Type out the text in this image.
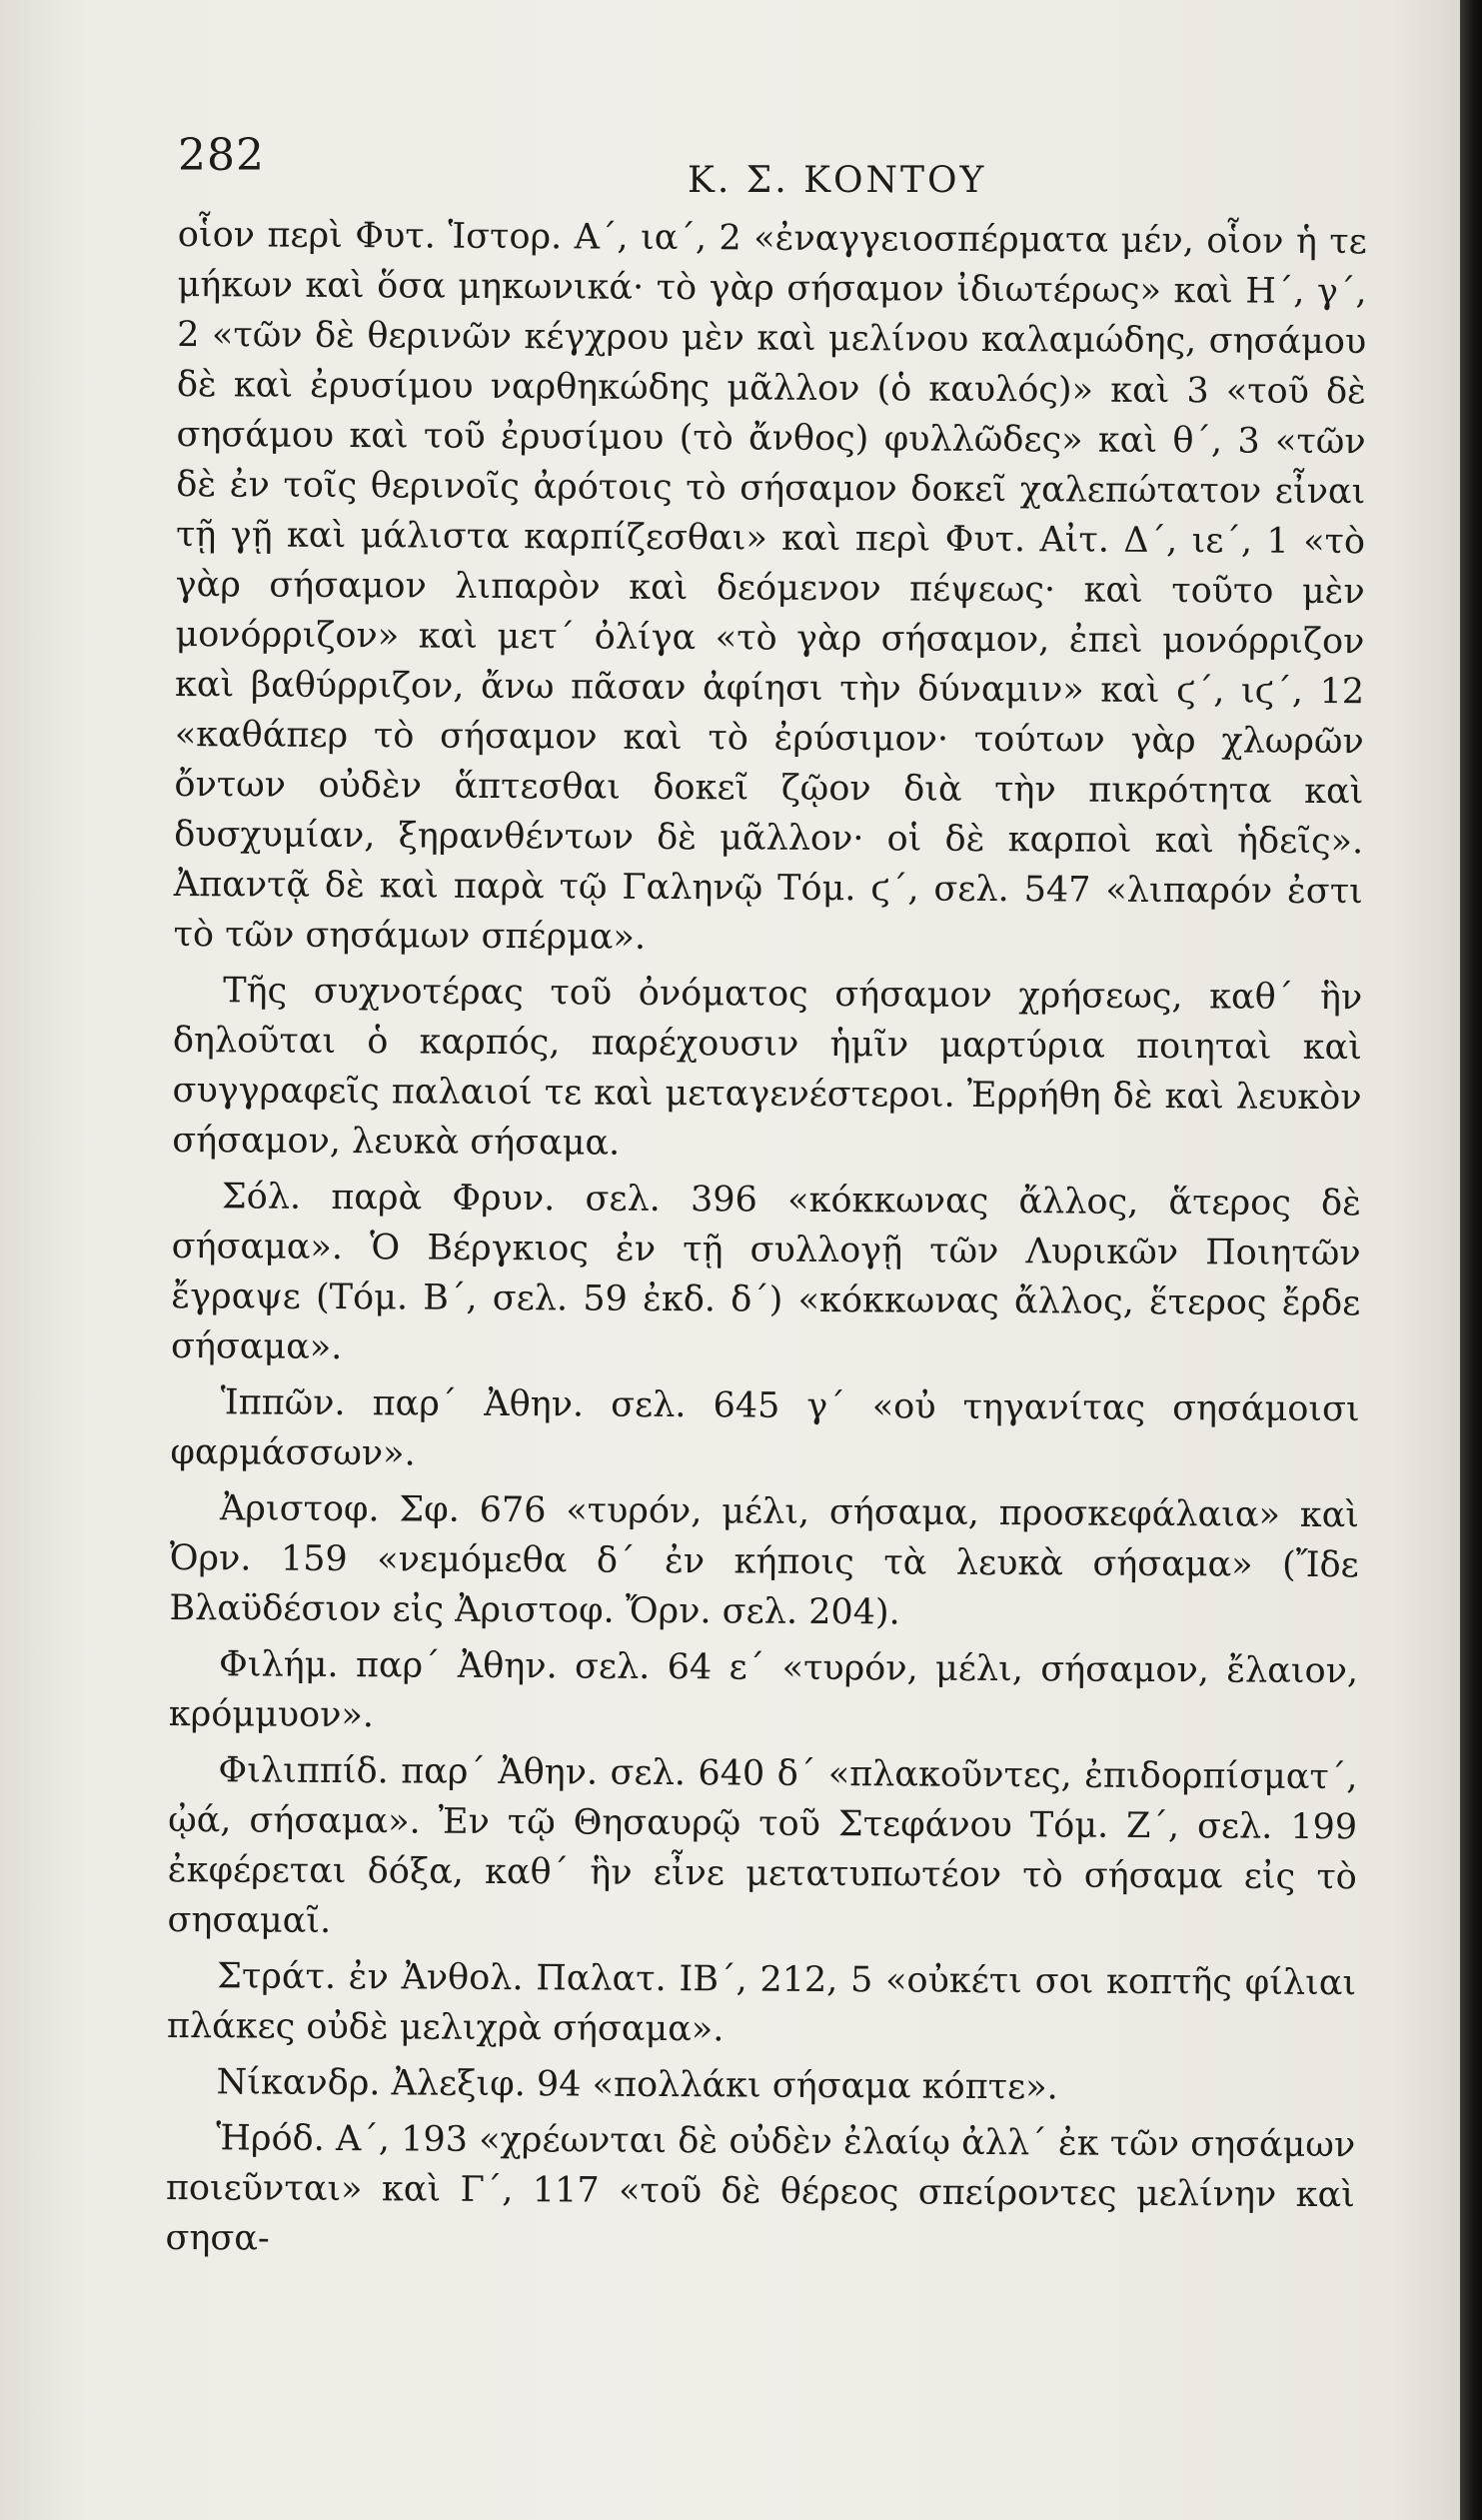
282	Κ. Σ. ΚΟΝΤΟΥ

οἷον περὶ Φυτ. Ἱστορ. Α΄, ια΄, 2 «ἐναγγειοσπέρματα μέν, οἷον ἡ τε μήκων καὶ ὅσα μηκωνικά· τὸ γὰρ σήσαμον ἰδιωτέρως» καὶ Η΄, γ΄, 2 «τῶν δὲ θερινῶν κέγχρου μὲν καὶ μελίνου καλαμώδης, σησάμου δὲ καὶ ἐρυσίμου ναρθηκώδης μᾶλλον (ὁ καυλός)» καὶ 3 «τοῦ δὲ σησάμου καὶ τοῦ ἐρυσίμου (τὸ ἄνθος) φυλλῶδες» καὶ θ΄, 3 «τῶν δὲ ἐν τοῖς θερινοῖς ἀρότοις τὸ σήσαμον δοκεῖ χαλεπώτατον εἶναι τῇ γῇ καὶ μάλιστα καρπίζεσθαι» καὶ περὶ Φυτ. Αἰτ. Δ΄, ιε΄, 1 «τὸ γὰρ σήσαμον λιπαρὸν καὶ δεόμενον πέψεως· καὶ τοῦτο μὲν μονόρριζον» καὶ μετ΄ ὀλίγα «τὸ γὰρ σήσαμον, ἐπεὶ μονόρριζον καὶ βαθύρριζον, ἄνω πᾶσαν ἀφίησι τὴν δύναμιν» καὶ ϛ΄, ιϛ΄, 12 «καθάπερ τὸ σήσαμον καὶ τὸ ἐρύσιμον· τούτων γὰρ χλωρῶν ὄντων οὐδὲν ἅπτεσθαι δοκεῖ ζῷον διὰ τὴν πικρότητα καὶ δυσχυμίαν, ξηρανθέντων δὲ μᾶλλον· οἱ δὲ καρποὶ καὶ ἡδεῖς». Ἀπαντᾷ δὲ καὶ παρὰ τῷ Γαληνῷ Τόμ. ϛ΄, σελ. 547 «λιπαρόν ἐστι τὸ τῶν σησάμων σπέρμα».

Τῆς συχνοτέρας τοῦ ὀνόματος σήσαμον χρήσεως, καθ΄ ἣν δηλοῦται ὁ καρπός, παρέχουσιν ἡμῖν μαρτύρια ποιηταὶ καὶ συγγραφεῖς παλαιοί τε καὶ μεταγενέστεροι. Ἐρρήθη δὲ καὶ λευκὸν σήσαμον, λευκὰ σήσαμα.

Σόλ. παρὰ Φρυν. σελ. 396 «κόκκωνας ἄλλος, ἅτερος δὲ σήσαμα». Ὁ Βέργκιος ἐν τῇ συλλογῇ τῶν Λυρικῶν Ποιητῶν ἔγραψε (Τόμ. Β΄, σελ. 59 ἐκδ. δ΄) «κόκκωνας ἄλλος, ἕτερος ἔρδε σήσαμα».

Ἱππῶν. παρ΄ Ἀθην. σελ. 645 γ΄ «οὐ τηγανίτας σησάμοισι φαρμάσσων».

Ἀριστοφ. Σφ. 676 «τυρόν, μέλι, σήσαμα, προσκεφάλαια» καὶ Ὀρν. 159 «νεμόμεθα δ΄ ἐν κήποις τὰ λευκὰ σήσαμα» (Ἴδε Βλαϋδέσιον εἰς Ἀριστοφ. Ὄρν. σελ. 204).

Φιλήμ. παρ΄ Ἀθην. σελ. 64 ε΄ «τυρόν, μέλι, σήσαμον, ἔλαιον, κρόμμυον».

Φιλιππίδ. παρ΄ Ἀθην. σελ. 640 δ΄ «πλακοῦντες, ἐπιδορπίσματ΄, ᾠά, σήσαμα». Ἐν τῷ Θησαυρῷ τοῦ Στεφάνου Τόμ. Ζ΄, σελ. 199 ἐκφέρεται δόξα, καθ΄ ἣν εἶνε μετατυπωτέον τὸ σήσαμα εἰς τὸ σησαμαῖ.

Στράτ. ἐν Ἀνθολ. Παλατ. ΙΒ΄, 212, 5 «οὐκέτι σοι κοπτῆς φίλιαι πλάκες οὐδὲ μελιχρὰ σήσαμα».

Νίκανδρ. Ἀλεξιφ. 94 «πολλάκι σήσαμα κόπτε».

Ἡρόδ. Α΄, 193 «χρέωνται δὲ οὐδὲν ἐλαίῳ ἀλλ΄ ἐκ τῶν σησάμων ποιεῦνται» καὶ Γ΄, 117 «τοῦ δὲ θέρεος σπείροντες μελίνην καὶ σησα-
